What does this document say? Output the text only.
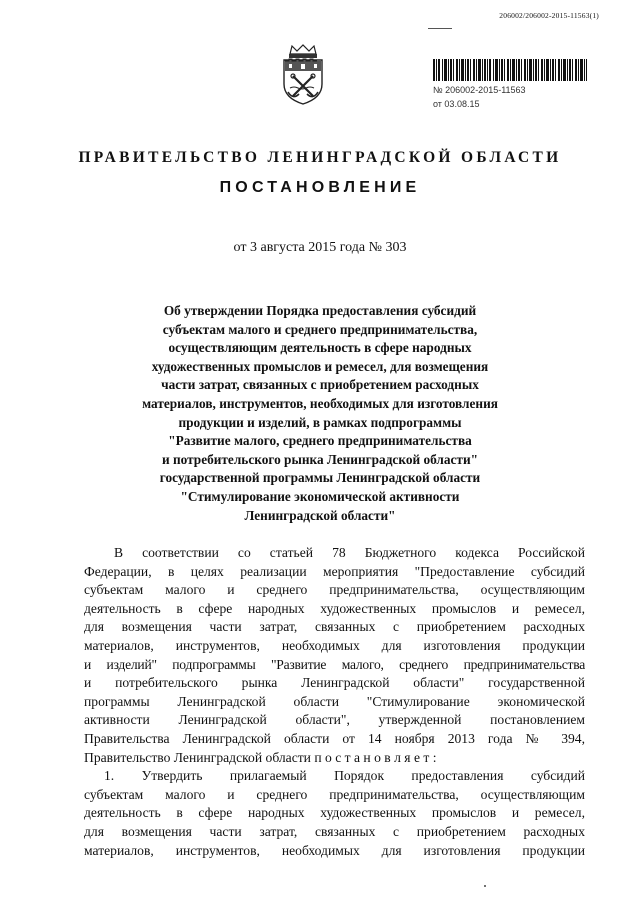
206002/206002-2015-11563(1)
№ 206002-2015-11563
от 03.08.15
ПРАВИТЕЛЬСТВО ЛЕНИНГРАДСКОЙ ОБЛАСТИ
ПОСТАНОВЛЕНИЕ
от 3 августа 2015 года № 303
Об утверждении Порядка предоставления субсидий
субъектам малого и среднего предпринимательства,
осуществляющим деятельность в сфере народных
художественных промыслов и ремесел, для возмещения
части затрат, связанных с приобретением расходных
материалов, инструментов, необходимых для изготовления
продукции и изделий, в рамках подпрограммы
"Развитие малого, среднего предпринимательства
и потребительского рынка Ленинградской области"
государственной программы Ленинградской области
"Стимулирование экономической активности
Ленинградской области"
В соответствии со статьей 78 Бюджетного кодекса Российской
Федерации, в целях реализации мероприятия "Предоставление субсидий
субъектам малого и среднего предпринимательства, осуществляющим
деятельность в сфере народных художественных промыслов и ремесел,
для возмещения части затрат, связанных с приобретением расходных
материалов, инструментов, необходимых для изготовления продукции
и изделий" подпрограммы "Развитие малого, среднего предпринимательства
и потребительского рынка Ленинградской области" государственной
программы Ленинградской области "Стимулирование экономической
активности Ленинградской области", утвержденной постановлением
Правительства Ленинградской области от 14 ноября 2013 года № 394,
Правительство Ленинградской области п о с т а н о в л я е т :
1. Утвердить прилагаемый Порядок предоставления субсидий
субъектам малого и среднего предпринимательства, осуществляющим
деятельность в сфере народных художественных промыслов и ремесел,
для возмещения части затрат, связанных с приобретением расходных
материалов, инструментов, необходимых для изготовления продукции
